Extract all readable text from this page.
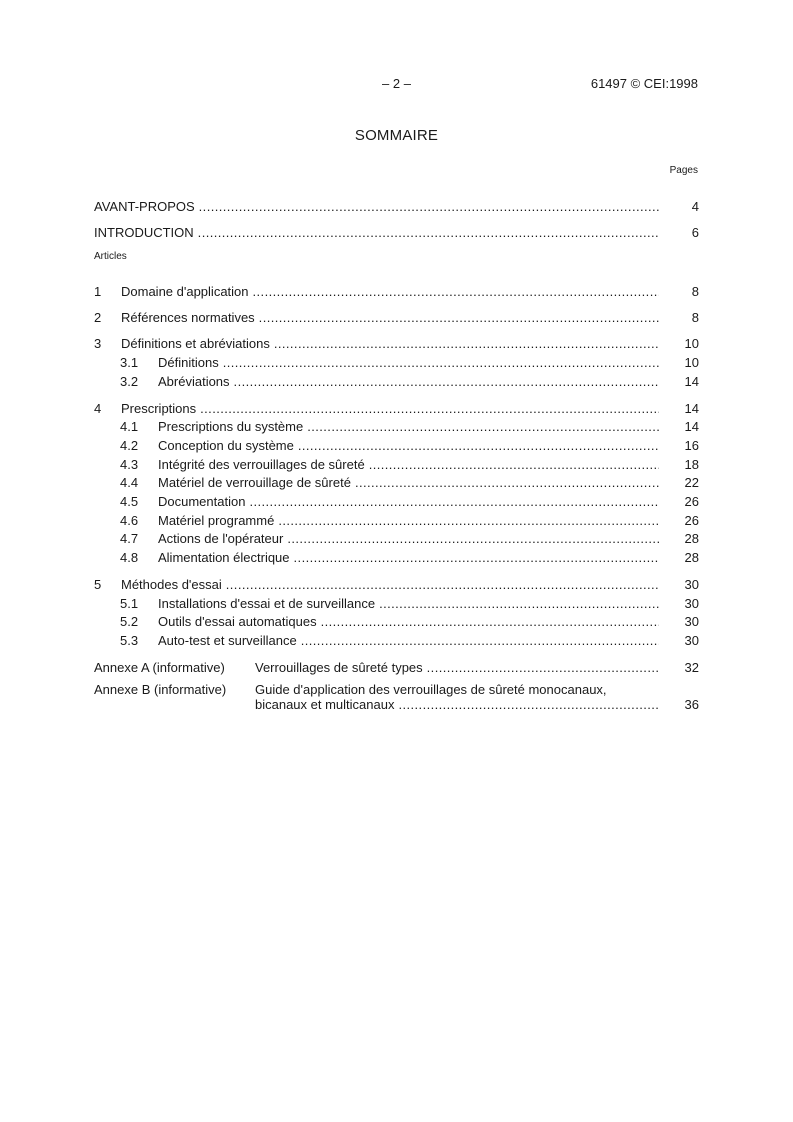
– 2 –	61497 © CEI:1998
SOMMAIRE
Pages
AVANT-PROPOS .....	4
INTRODUCTION .....	6
Articles
1 Domaine d'application .....	8
2 Références normatives .....	8
3 Définitions et abréviations .....	10
3.1 Définitions .....	10
3.2 Abréviations .....	14
4 Prescriptions .....	14
4.1 Prescriptions du système .....	14
4.2 Conception du système .....	16
4.3 Intégrité des verrouillages de sûreté .....	18
4.4 Matériel de verrouillage de sûreté .....	22
4.5 Documentation .....	26
4.6 Matériel programmé .....	26
4.7 Actions de l'opérateur .....	28
4.8 Alimentation électrique .....	28
5 Méthodes d'essai .....	30
5.1 Installations d'essai et de surveillance .....	30
5.2 Outils d'essai automatiques .....	30
5.3 Auto-test et surveillance .....	30
Annexe A (informative) Verrouillages de sûreté types .....	32
Annexe B (informative) Guide d'application des verrouillages de sûreté monocanaux,
bicanaux et multicanaux .....	36
